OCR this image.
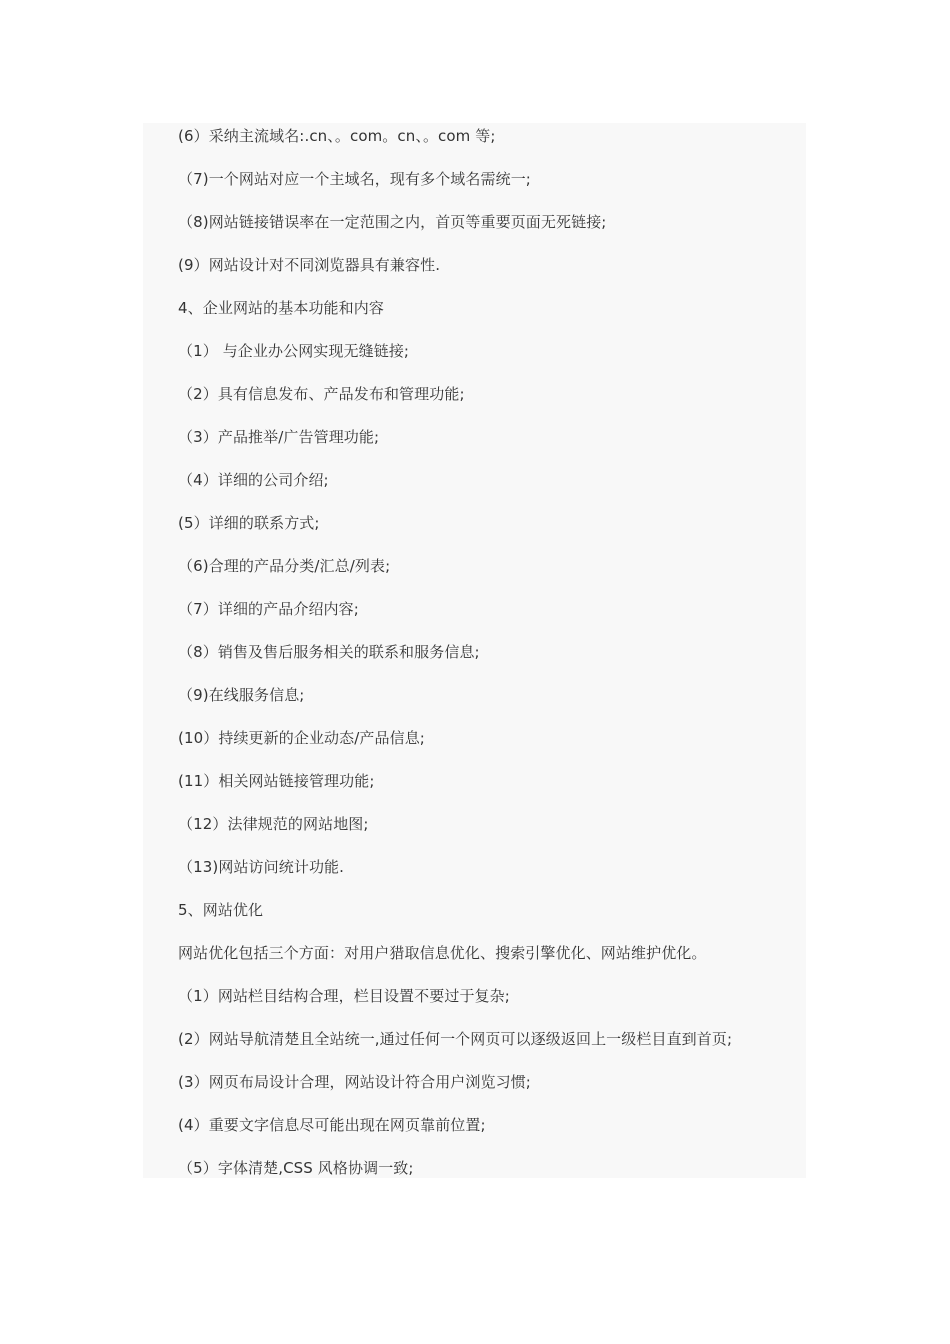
(6）采纳主流域名:.cn、。com。cn、。com 等;
（7)一个网站对应一个主域名，现有多个域名需统一;
（8)网站链接错误率在一定范围之内，首页等重要页面无死链接;
(9）网站设计对不同浏览器具有兼容性.
4、企业网站的基本功能和内容
（1） 与企业办公网实现无缝链接;
（2）具有信息发布、产品发布和管理功能;
（3）产品推举/广告管理功能;
（4）详细的公司介绍;
(5）详细的联系方式;
（6)合理的产品分类/汇总/列表;
（7）详细的产品介绍内容;
（8）销售及售后服务相关的联系和服务信息;
（9)在线服务信息;
(10）持续更新的企业动态/产品信息;
(11）相关网站链接管理功能;
（12）法律规范的网站地图;
（13)网站访问统计功能.
5、网站优化
网站优化包括三个方面：对用户猎取信息优化、搜索引擎优化、网站维护优化。
（1）网站栏目结构合理，栏目设置不要过于复杂;
(2）网站导航清楚且全站统一,通过任何一个网页可以逐级返回上一级栏目直到首页;
(3）网页布局设计合理，网站设计符合用户浏览习惯;
(4）重要文字信息尽可能出现在网页靠前位置;
（5）字体清楚,CSS 风格协调一致;
